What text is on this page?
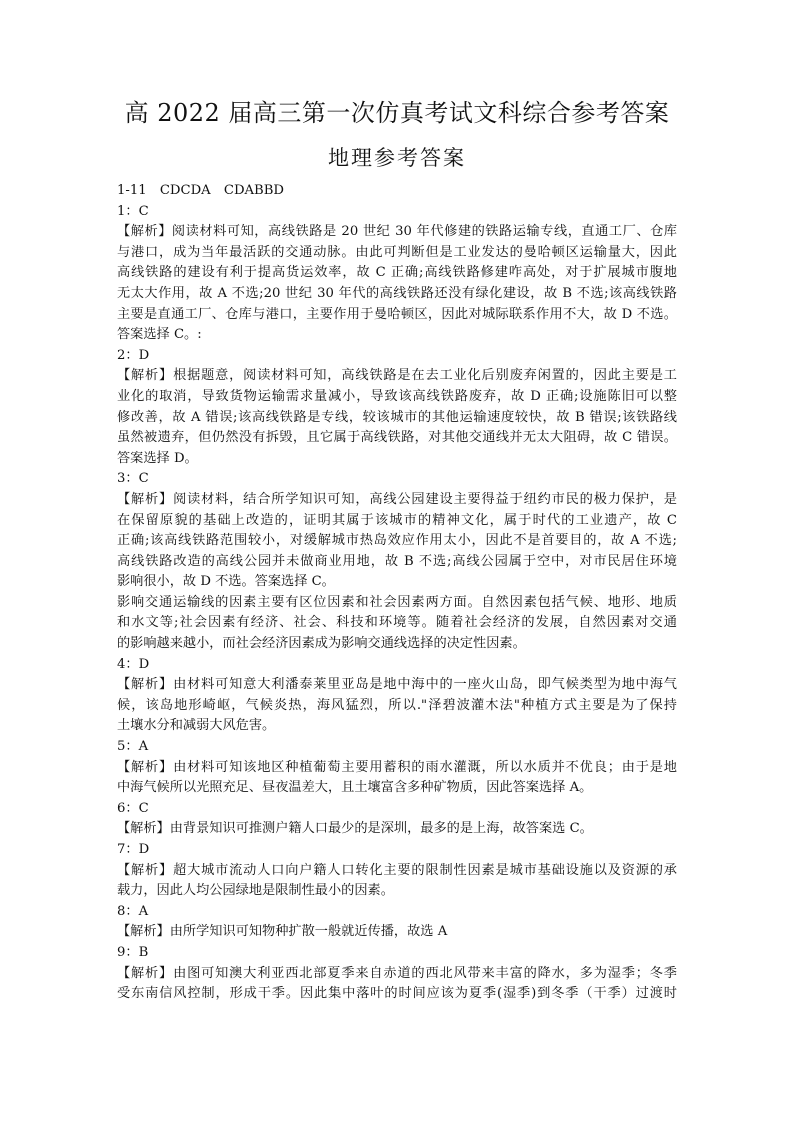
高 2022 届高三第一次仿真考试文科综合参考答案
地理参考答案
1-11　CDCDA　CDABBD
1：C
【解析】阅读材料可知，高线铁路是 20 世纪 30 年代修建的铁路运输专线，直通工厂、仓库
与港口，成为当年最活跃的交通动脉。由此可判断但是工业发达的曼哈顿区运输量大，因此
高线铁路的建设有利于提高货运效率，故 C 正确;高线铁路修建咋高处，对于扩展城市腹地
无太大作用，故 A 不选;20 世纪 30 年代的高线铁路还没有绿化建设，故 B 不选;该高线铁路
主要是直通工厂、仓库与港口，主要作用于曼哈顿区，因此对城际联系作用不大，故 D 不选。
答案选择 C。:
2：D
【解析】根据题意，阅读材料可知，高线铁路是在去工业化后别废弃闲置的，因此主要是工
业化的取消，导致货物运输需求量减小，导致该高线铁路废弃，故 D 正确;设施陈旧可以整
修改善，故 A 错误;该高线铁路是专线，较该城市的其他运输速度较快，故 B 错误;该铁路线
虽然被遗弃，但仍然没有拆毁，且它属于高线铁路，对其他交通线并无太大阻碍，故 C 错误。
答案选择 D。
3：C
【解析】阅读材料，结合所学知识可知，高线公园建设主要得益于纽约市民的极力保护，是
在保留原貌的基础上改造的，证明其属于该城市的精神文化，属于时代的工业遗产，故 C
正确;该高线铁路范围较小，对缓解城市热岛效应作用太小，因此不是首要目的，故 A 不选;
高线铁路改造的高线公园并未做商业用地，故 B 不选;高线公园属于空中，对市民居住环境
影响很小，故 D 不选。答案选择 C。
影响交通运输线的因素主要有区位因素和社会因素两方面。自然因素包括气候、地形、地质
和水文等;社会因素有经济、社会、科技和环境等。随着社会经济的发展，自然因素对交通
的影响越来越小，而社会经济因素成为影响交通线选择的决定性因素。
4：D
【解析】由材料可知意大利潘泰莱里亚岛是地中海中的一座火山岛，即气候类型为地中海气
候，该岛地形崎岖，气候炎热，海风猛烈，所以."泽碧波灌木法"种植方式主要是为了保持
土壤水分和减弱大风危害。
5：A
【解析】由材料可知该地区种植葡萄主要用蓄积的雨水灌溉，所以水质并不优良；由于是地
中海气候所以光照充足、昼夜温差大，且土壤富含多种矿物质，因此答案选择 A。
6：C
【解析】由背景知识可推测户籍人口最少的是深圳，最多的是上海，故答案选 C。
7：D
【解析】超大城市流动人口向户籍人口转化主要的限制性因素是城市基础设施以及资源的承
载力，因此人均公园绿地是限制性最小的因素。
8：A
【解析】由所学知识可知物种扩散一般就近传播，故选 A
9：B
【解析】由图可知澳大利亚西北部夏季来自赤道的西北风带来丰富的降水，多为湿季；冬季
受东南信风控制，形成干季。因此集中落叶的时间应该为夏季(湿季)到冬季（干季）过渡时
